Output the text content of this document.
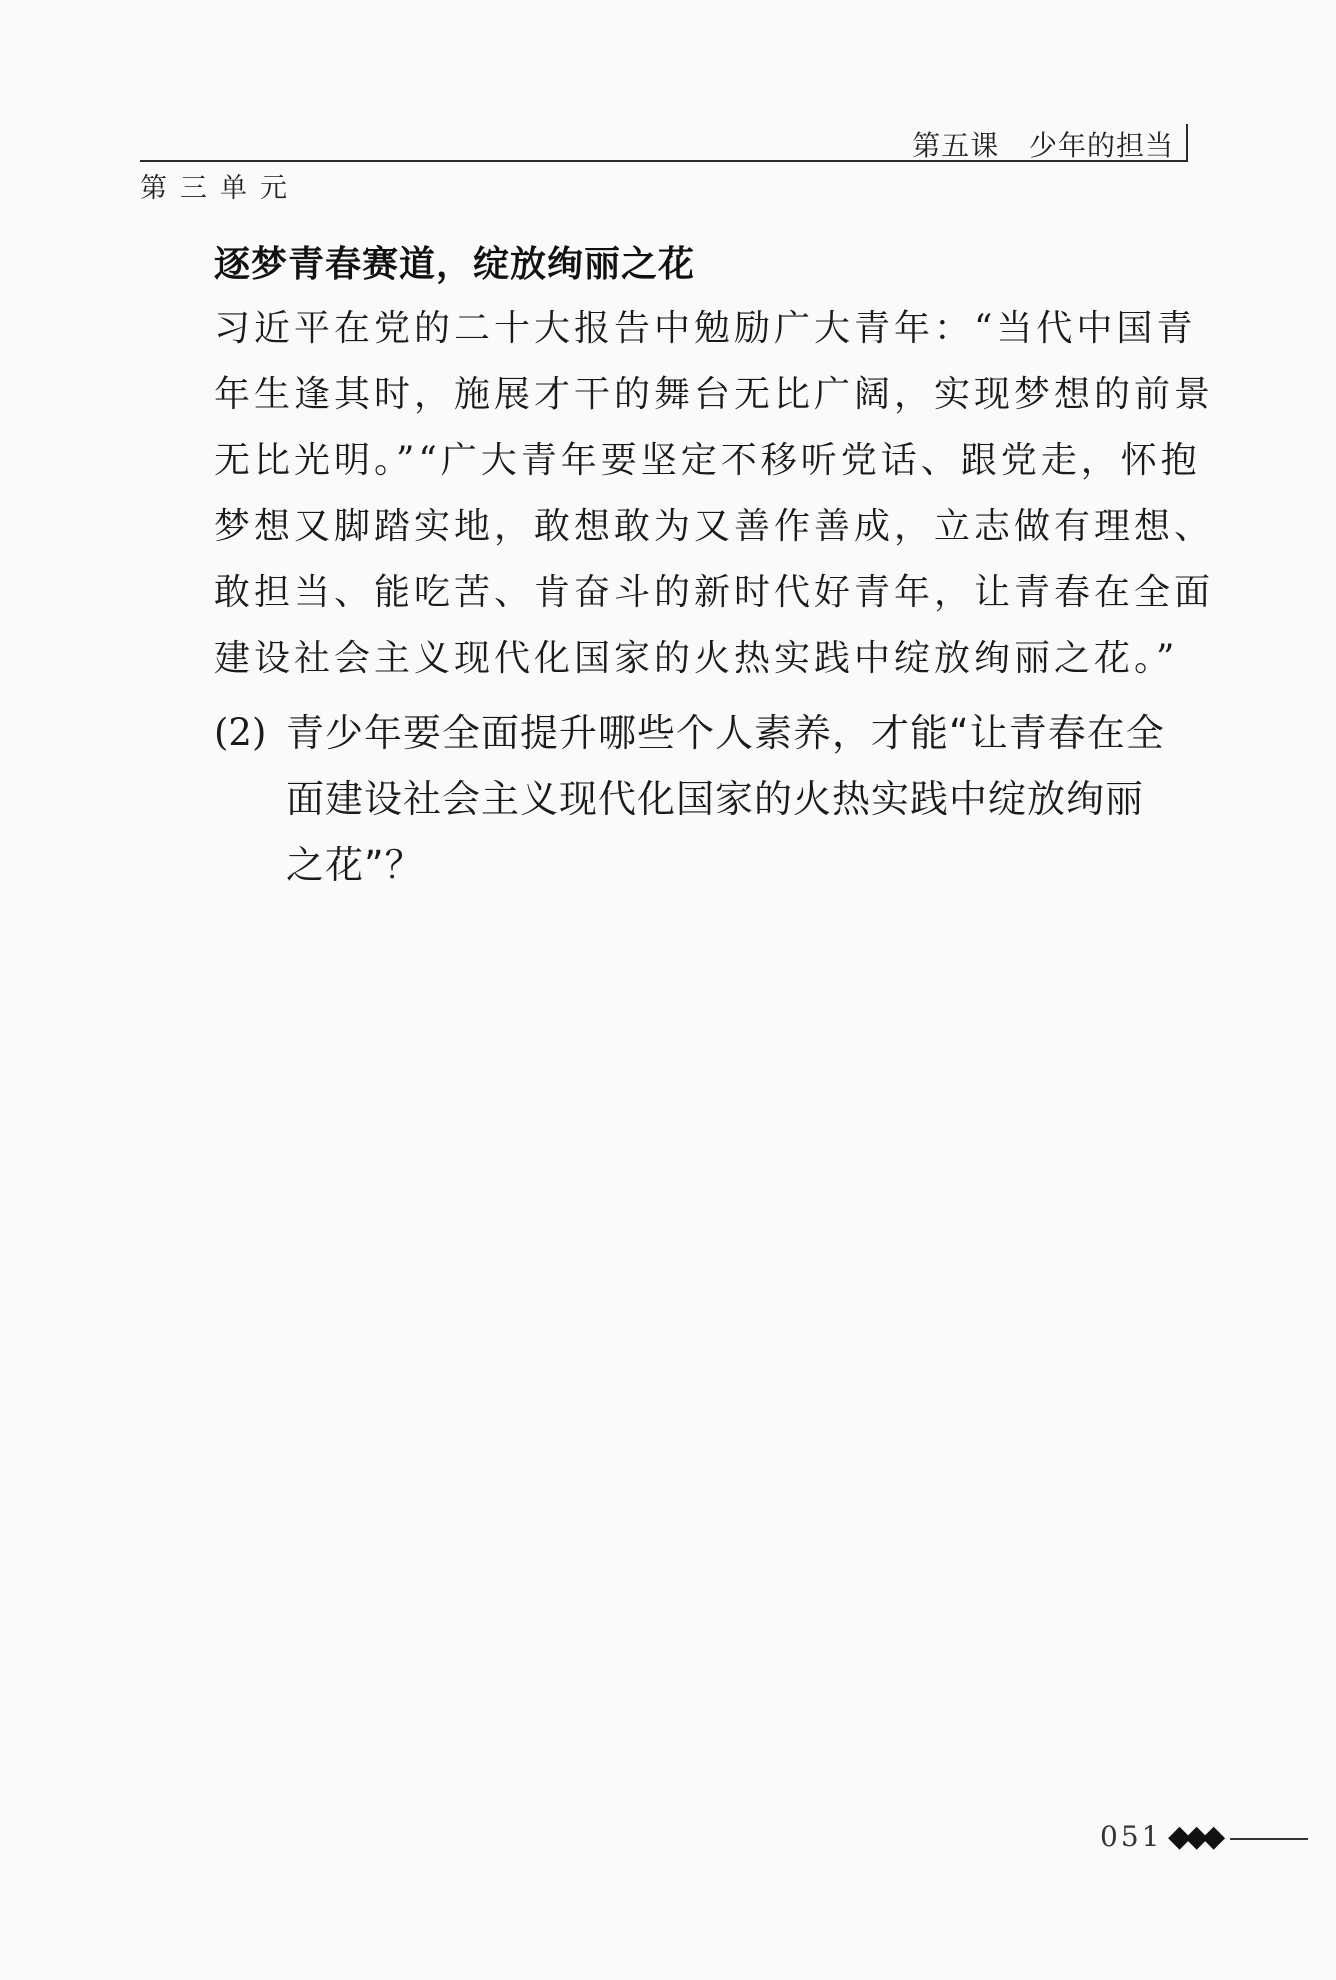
第五课   少年的担当
第三单元
逐梦青春赛道，绽放绚丽之花
习近平在党的二十大报告中勉励广大青年：“当代中国青
年生逢其时，施展才干的舞台无比广阔，实现梦想的前景
无比光明。”“广大青年要坚定不移听党话、跟党走，怀抱
梦想又脚踏实地，敢想敢为又善作善成，立志做有理想、
敢担当、能吃苦、肯奋斗的新时代好青年，让青春在全面
建设社会主义现代化国家的火热实践中绽放绚丽之花。”
(2) 青少年要全面提升哪些个人素养，才能“让青春在全
面建设社会主义现代化国家的火热实践中绽放绚丽
之花”？
051 ◆◆◆
